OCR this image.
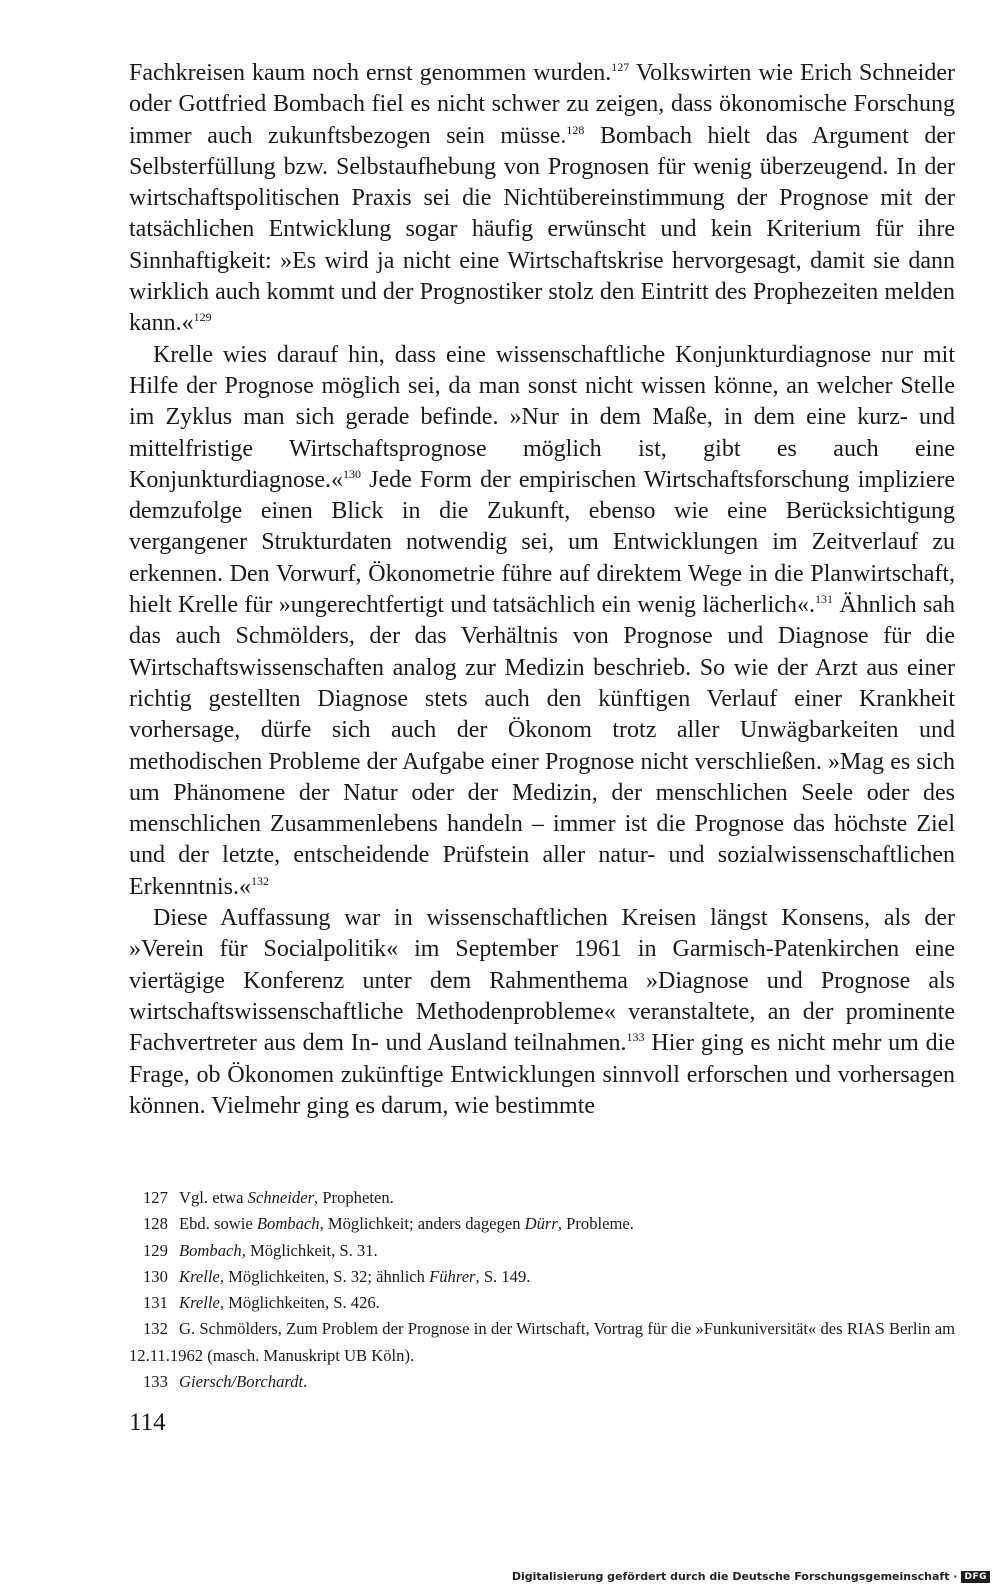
Fachkreisen kaum noch ernst genommen wurden.$^{127}$ Volkswirten wie Erich Schneider oder Gottfried Bombach fiel es nicht schwer zu zeigen, dass ökonomische Forschung immer auch zukunftsbezogen sein müsse.$^{128}$ Bombach hielt das Argument der Selbsterfüllung bzw. Selbstaufhebung von Prognosen für wenig überzeugend. In der wirtschaftspolitischen Praxis sei die Nichtübereinstimmung der Prognose mit der tatsächlichen Entwicklung sogar häufig erwünscht und kein Kriterium für ihre Sinnhaftigkeit: »Es wird ja nicht eine Wirtschaftskrise hervorgesagt, damit sie dann wirklich auch kommt und der Prognostiker stolz den Eintritt des Prophezeiten melden kann.«$^{129}$

Krelle wies darauf hin, dass eine wissenschaftliche Konjunkturdiagnose nur mit Hilfe der Prognose möglich sei, da man sonst nicht wissen könne, an welcher Stelle im Zyklus man sich gerade befinde. »Nur in dem Maße, in dem eine kurz- und mittelfristige Wirtschaftsprognose möglich ist, gibt es auch eine Konjunkturdiagnose.«$^{130}$ Jede Form der empirischen Wirtschaftsforschung impliziere demzufolge einen Blick in die Zukunft, ebenso wie eine Berücksichtigung vergangener Strukturdaten notwendig sei, um Entwicklungen im Zeitverlauf zu erkennen. Den Vorwurf, Ökonometrie führe auf direktem Wege in die Planwirtschaft, hielt Krelle für »ungerechtfertigt und tatsächlich ein wenig lächerlich«.$^{131}$ Ähnlich sah das auch Schmölders, der das Verhältnis von Prognose und Diagnose für die Wirtschaftswissenschaften analog zur Medizin beschrieb. So wie der Arzt aus einer richtig gestellten Diagnose stets auch den künftigen Verlauf einer Krankheit vorhersage, dürfe sich auch der Ökonom trotz aller Unwägbarkeiten und methodischen Probleme der Aufgabe einer Prognose nicht verschließen. »Mag es sich um Phänomene der Natur oder der Medizin, der menschlichen Seele oder des menschlichen Zusammenlebens handeln – immer ist die Prognose das höchste Ziel und der letzte, entscheidende Prüfstein aller natur- und sozialwissenschaftlichen Erkenntnis.«$^{132}$

Diese Auffassung war in wissenschaftlichen Kreisen längst Konsens, als der »Verein für Socialpolitik« im September 1961 in Garmisch-Patenkirchen eine viertägige Konferenz unter dem Rahmenthema »Diagnose und Prognose als wirtschaftswissenschaftliche Methodenprobleme« veranstaltete, an der prominente Fachvertreter aus dem In- und Ausland teilnahmen.$^{133}$ Hier ging es nicht mehr um die Frage, ob Ökonomen zukünftige Entwicklungen sinnvoll erforschen und vorhersagen können. Vielmehr ging es darum, wie bestimmte

127 Vgl. etwa Schneider, Propheten.

128 Ebd. sowie Bombach, Möglichkeit; anders dagegen Dürr, Probleme.

129 Bombach, Möglichkeit, S. 31.

130 Krelle, Möglichkeiten, S. 32; ähnlich Führer, S. 149.

131 Krelle, Möglichkeiten, S. 426.

132 G. Schmölders, Zum Problem der Prognose in der Wirtschaft, Vortrag für die »Funkuniversität« des RIAS Berlin am 12.11.1962 (masch. Manuskript UB Köln).

133 Giersch/Borchardt.

114
Digitalisierung gefördert durch die Deutsche Forschungsgemeinschaft · DFG
